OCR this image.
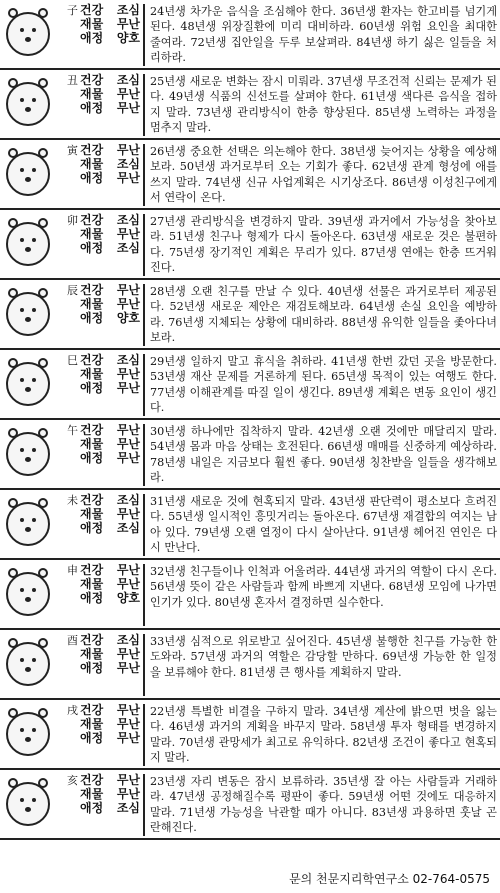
子 건강 조심
재물 무난
애정 양호
24년생 차가운 음식을 조심해야 한다. 36년생 환자는 한고비를 넘기게 된다. 48년생 위장질환에 미리 대비하라. 60년생 위험 요인을 최대한 줄여라. 72년생 집안일을 두루 보살펴라. 84년생 하기 싫은 일들을 처리하라.
丑 건강 조심
재물 무난
애정 무난
25년생 새로운 변화는 잠시 미뤄라. 37년생 무조건적 신뢰는 문제가 된다. 49년생 식품의 신선도를 살펴야 한다. 61년생 색다른 음식을 접하지 말라. 73년생 관리방식이 한층 향상된다. 85년생 노력하는 과정을 멈추지 말라.
寅 건강 무난
재물 조심
애정 무난
26년생 중요한 선택은 의논해야 한다. 38년생 늦어지는 상황을 예상해 보라. 50년생 과거로부터 오는 기회가 좋다. 62년생 관계 형성에 애를 쓰지 말라. 74년생 신규 사업계획은 시기상조다. 86년생 이성친구에게서 연락이 온다.
卯 건강 조심
재물 무난
애정 조심
27년생 관리방식을 변경하지 말라. 39년생 과거에서 가능성을 찾아보라. 51년생 친구나 형제가 다시 돌아온다. 63년생 새로운 것은 불편하다. 75년생 장기적인 계획은 무리가 있다. 87년생 연애는 한층 뜨거워진다.
辰 건강 무난
재물 무난
애정 양호
28년생 오랜 친구를 만날 수 있다. 40년생 선물은 과거로부터 제공된다. 52년생 새로운 제안은 재검토해보라. 64년생 손실 요인을 예방하라. 76년생 지체되는 상황에 대비하라. 88년생 유익한 일들을 좇아다녀보라.
巳 건강 조심
재물 무난
애정 무난
29년생 일하지 말고 휴식을 취하라. 41년생 한번 갔던 곳을 방문한다. 53년생 재산 문제를 거론하게 된다. 65년생 목적이 있는 여행도 한다. 77년생 이해관계를 따질 일이 생긴다. 89년생 계획은 변동 요인이 생긴다.
午 건강 무난
재물 무난
애정 무난
30년생 하나에만 집착하지 말라. 42년생 오랜 것에만 매달리지 말라. 54년생 몸과 마음 상태는 호전된다. 66년생 매매를 신중하게 예상하라. 78년생 내일은 지금보다 훨씬 좋다. 90년생 칭찬받을 일들을 생각해보라.
未 건강 조심
재물 무난
애정 조심
31년생 새로운 것에 현혹되지 말라. 43년생 판단력이 평소보다 흐려진다. 55년생 일시적인 흥밋거리는 돌아온다. 67년생 재결합의 여지는 남아 있다. 79년생 오랜 열정이 다시 살아난다. 91년생 헤어진 연인은 다시 만난다.
申 건강 무난
재물 무난
애정 양호
32년생 친구들이나 인척과 어울려라. 44년생 과거의 역할이 다시 온다. 56년생 뜻이 같은 사람들과 함께 바쁘게 지낸다. 68년생 모임에 나가면 인기가 있다. 80년생 혼자서 결정하면 실수한다.
酉 건강 조심
재물 무난
애정 무난
33년생 심적으로 위로받고 싶어진다. 45년생 불행한 친구를 가능한 한 도와라. 57년생 과거의 역할은 감당할 만하다. 69년생 가능한 한 일정을 보류해야 한다. 81년생 큰 행사를 계획하지 말라.
戌 건강 무난
재물 무난
애정 무난
22년생 특별한 비결을 구하지 말라. 34년생 계산에 밝으면 벗을 잃는다. 46년생 과거의 계획을 바꾸지 말라. 58년생 투자 형태를 변경하지 말라. 70년생 관망세가 최고로 유익하다. 82년생 조건이 좋다고 현혹되지 말라.
亥 건강 무난
재물 무난
애정 조심
23년생 자리 변동은 잠시 보류하라. 35년생 잘 아는 사람들과 거래하라. 47년생 공정해질수록 평판이 좋다. 59년생 어떤 것에도 대응하지 말라. 71년생 가능성을 낙관할 때가 아니다. 83년생 과용하면 훗날 곤란해진다.
문의 천문지리학연구소 02-764-0575
